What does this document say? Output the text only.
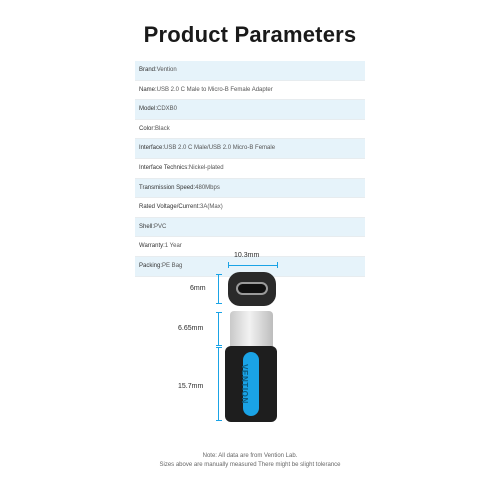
Product Parameters
Brand:Vention
Name:USB 2.0 C Male to Micro-B Female Adapter
Model:CDXB0
Color:Black
Interface:USB 2.0 C Male/USB 2.0 Micro-B Female
Interface Technics:Nickel-plated
Transmission Speed:480Mbps
Rated Voltage/Current:3A(Max)
Shell:PVC
Warranty:1 Year
Packing:PE Bag
10.3mm
6mm
6.65mm
15.7mm	VENTION
Note: All data are from Vention Lab.
Sizes above are manually measured There might be slight tolerance
